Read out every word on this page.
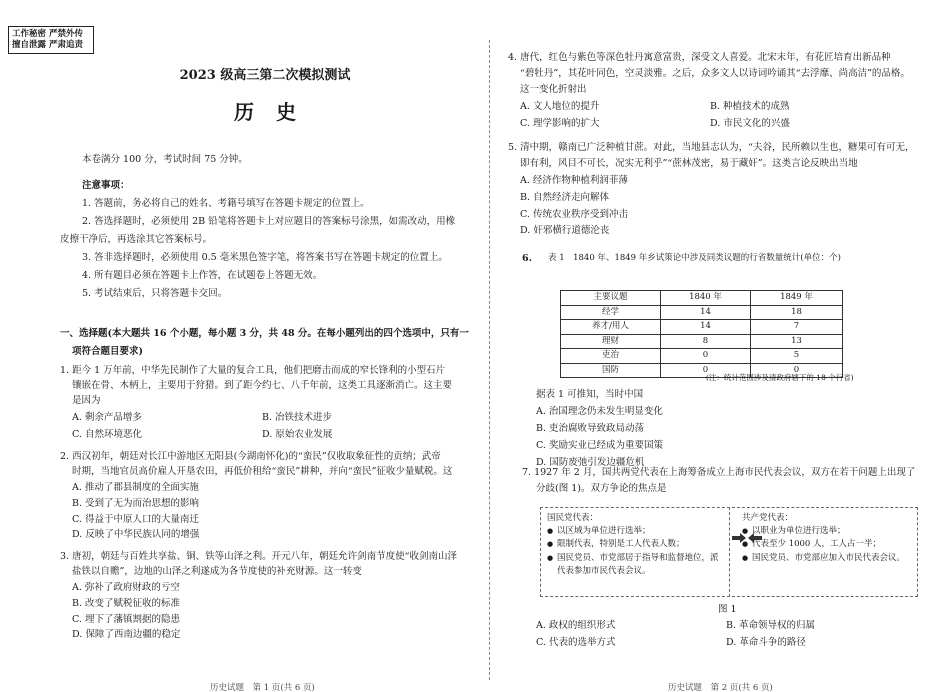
工作秘密 严禁外传
擅自泄露 严肃追责
2023 级高三第二次模拟测试
历史
本卷满分 100 分，考试时间 75 分钟。
注意事项：
1. 答题前，务必将自己的姓名、考籍号填写在答题卡规定的位置上。
2. 答选择题时，必须使用 2B 铅笔将答题卡上对应题目的答案标号涂黑，如需改动，用橡
皮擦干净后，再选涂其它答案标号。
3. 答非选择题时，必须使用 0.5 毫米黑色签字笔，将答案书写在答题卡规定的位置上。
4. 所有题目必须在答题卡上作答，在试题卷上答题无效。
5. 考试结束后，只将答题卡交回。
一、选择题(本大题共 16 个小题，每小题 3 分，共 48 分。在每小题列出的四个选项中，只有一
项符合题目要求)
1. 距今 1 万年前，中华先民制作了大量的复合工具，他们把磨击而成的窄长锋利的小型石片
镶嵌在骨、木柄上，主要用于狩猎。到了距今约七、八千年前，这类工具逐渐消亡。这主要
是因为
A. 剩余产品增多	B. 冶铁技术进步
C. 自然环境恶化	D. 原始农业发展
2. 西汉初年，朝廷对长江中游地区无阳县(今湖南怀化)的“蛮民”仅收取象征性的贡纳；武帝
时期，当地官员高价雇人开垦农田，再低价租给“蛮民”耕种，并向“蛮民”征收少量赋税。这
A. 推动了郡县制度的全面实施
B. 受到了无为而治思想的影响
C. 得益于中原人口的大量南迁
D. 反映了中华民族认同的增强
3. 唐初，朝廷与百姓共享盐、铜、铁等山泽之利。开元八年，朝廷允许剑南节度使“收剑南山泽
盐铁以自赡”，边地的山泽之利遂成为各节度使的补充财源。这一转变
A. 弥补了政府财政的亏空
B. 改变了赋税征收的标准
C. 埋下了藩镇割据的隐患
D. 保障了西南边疆的稳定
历史试题　第 1 页(共 6 页)
4. 唐代，红色与紫色等深色牡丹寓意富贵，深受文人喜爱。北宋末年，有花匠培育出新品种
“碧牡丹”，其花叶同色，空灵淡雅。之后，众多文人以诗词吟诵其“去浮靡、尚高洁”的品格。
这一变化折射出
A. 文人地位的提升	B. 种植技术的成熟
C. 理学影响的扩大	D. 市民文化的兴盛
5. 清中期，赣南已广泛种植甘蔗。对此，当地县志认为，“夫谷，民所赖以生也，糖果可有可无，
即有利，风目不可长，况实无利乎”“蔗林茂密，易于藏奸”。这类言论反映出当地
A. 经济作物种植利润菲薄
B. 自然经济走向解体
C. 传统农业秩序受到冲击
D. 奸邪横行道德沦丧
6. 表 1　1840 年、1849 年乡试策论中涉及同类议题的行省数量统计(单位：个)
主要议题	1840 年	1849 年
经学	14	18
养才/用人	14	7
理财	8	13
吏治	0	5
国防	0	0
(注：统计范围涉及清政府辖下的 18 个行省)
据表 1 可推知，当时中国
A. 治国理念仍未发生明显变化
B. 吏治腐败导致政局动荡
C. 奖励实业已经成为重要国策
D. 国防废弛引发边疆危机
7. 1927 年 2 月，国共两党代表在上海筹备成立上海市民代表会议，双方在若干问题上出现了
分歧(图 1)。双方争论的焦点是
国民党代表：
● 以区域为单位进行选举；
● 限制代表，特别是工人代表人数；
● 国民党员、市党部居于指导和监督地位，派代表参加市民代表会议。
共产党代表：
● 以职业为单位进行选举；
● 代表至少 1000 人，工人占一半；
● 国民党员、市党部应加入市民代表会议。
图 1
A. 政权的组织形式	B. 革命领导权的归属
C. 代表的选举方式	D. 革命斗争的路径
历史试题　第 2 页(共 6 页)
